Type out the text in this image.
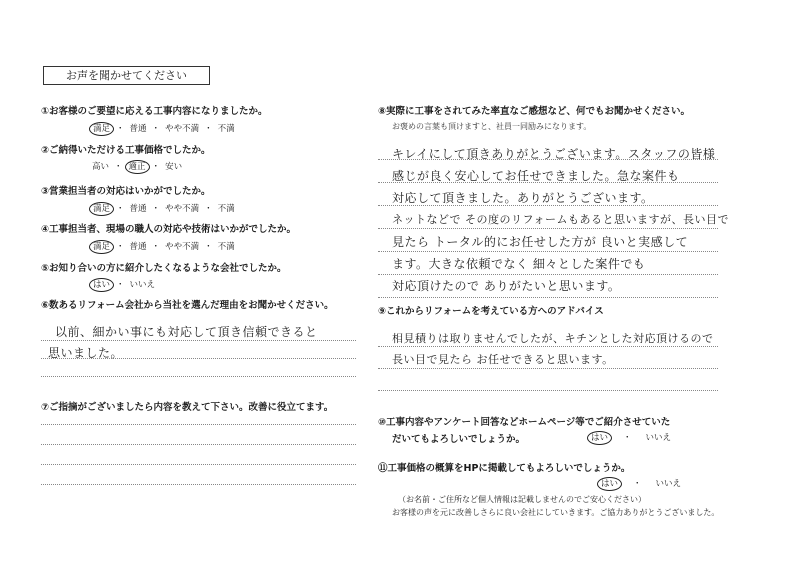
お声を聞かせてください
①お客様のご要望に応える工事内容になりましたか。
満足 ・ 普通 ・ やや不満 ・ 不満
②ご納得いただける工事価格でしたか。
高い ・ 適正 ・ 安い
③営業担当者の対応はいかがでしたか。
満足 ・ 普通 ・ やや不満 ・ 不満
④工事担当者、現場の職人の対応や技術はいかがでしたか。
満足 ・ 普通 ・ やや不満 ・ 不満
⑤お知り合いの方に紹介したくなるような会社でしたか。
はい ・ いいえ
⑥数あるリフォーム会社から当社を選んだ理由をお聞かせください。
以前、細かい事にも対応して頂き信頼できると
思いました。
⑦ご指摘がございましたら内容を教えて下さい。改善に役立てます。
⑧実際に工事をされてみた率直なご感想など、何でもお聞かせください。
お褒めの言葉も頂けますと、社員一同励みになります。
キレイにして頂きありがとうございます。スタッフの皆様
感じが良く安心してお任せできました。急な案件も
対応して頂きました。ありがとうございます。
ネットなどで その度のリフォームもあると思いますが、長い目で
見たら トータル的にお任せした方が 良いと実感して
ます。大きな依頼でなく 細々とした案件でも
対応頂けたので ありがたいと思います。
⑨これからリフォームを考えている方へのアドバイス
相見積りは取りませんでしたが、キチンとした対応頂けるので
長い目で見たら お任せできると思います。
⑩工事内容やアンケート回答などホームページ等でご紹介させていた
だいてもよろしいでしょうか。	はい ・ いいえ
⑪工事価格の概算をHPに掲載してもよろしいでしょうか。
はい ・ いいえ
（お名前・ご住所など個人情報は記載しませんのでご安心ください）
お客様の声を元に改善しさらに良い会社にしていきます。ご協力ありがとうございました。
